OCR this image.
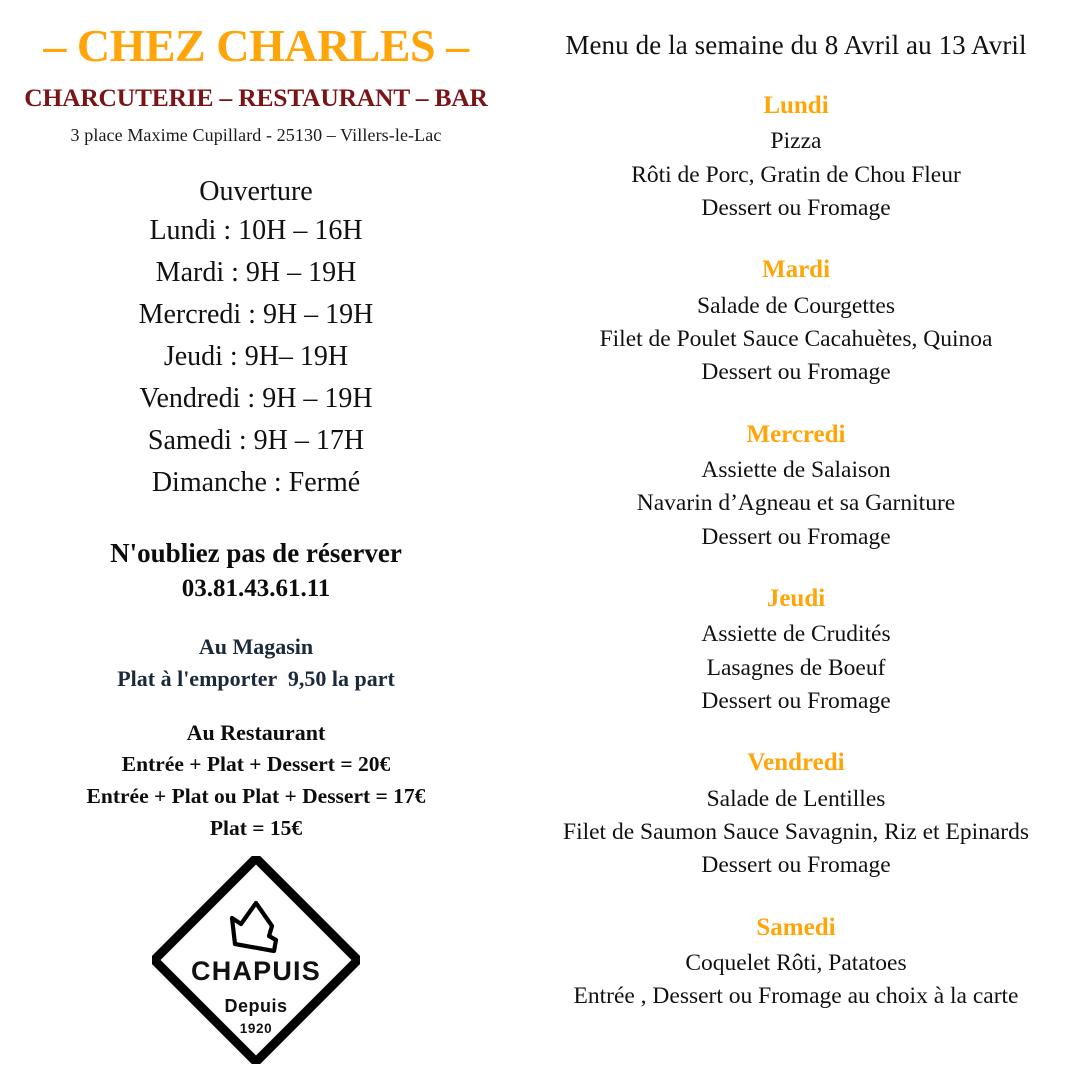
– CHEZ CHARLES –
CHARCUTERIE – RESTAURANT – BAR

3 place Maxime Cupillard - 25130 – Villers-le-Lac

Ouverture
Lundi : 10H – 16H
Mardi : 9H – 19H
Mercredi : 9H – 19H
Jeudi : 9H– 19H
Vendredi : 9H – 19H
Samedi : 9H – 17H
Dimanche : Fermé
N'oubliez pas de réserver
03.81.43.61.11
Au Magasin
Plat à l'emporter  9,50 la part
Au Restaurant
Entrée + Plat + Dessert = 20€
Entrée + Plat ou Plat + Dessert = 17€
Plat = 15€
CHAPUIS
Depuis
1920
Menu de la semaine du 8 Avril au 13 Avril
Lundi
Pizza
Rôti de Porc, Gratin de Chou Fleur
Dessert ou Fromage
Mardi
Salade de Courgettes
Filet de Poulet Sauce Cacahuètes, Quinoa
Dessert ou Fromage
Mercredi
Assiette de Salaison
Navarin d’Agneau et sa Garniture
Dessert ou Fromage
Jeudi
Assiette de Crudités
Lasagnes de Boeuf
Dessert ou Fromage
Vendredi
Salade de Lentilles
Filet de Saumon Sauce Savagnin, Riz et Epinards
Dessert ou Fromage
Samedi
Coquelet Rôti, Patatoes
Entrée , Dessert ou Fromage au choix à la carte
